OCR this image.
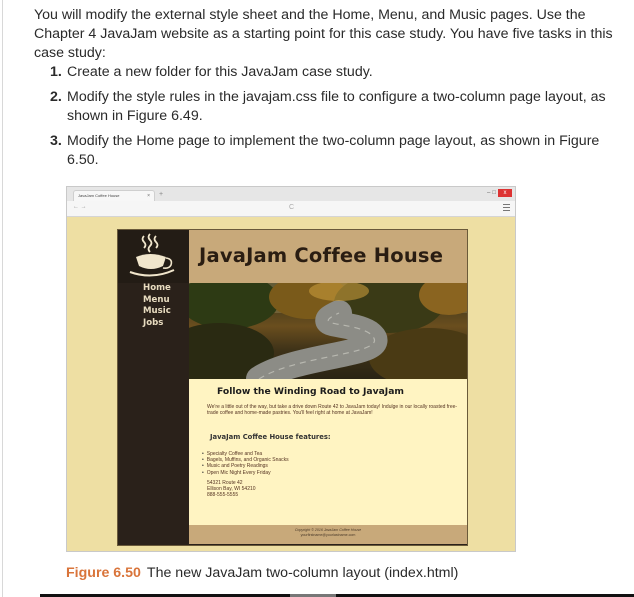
You will modify the external style sheet and the Home, Menu, and Music pages. Use the Chapter 4 JavaJam website as a starting point for this case study. You have five tasks in this case study:

1. Create a new folder for this JavaJam case study.
2. Modify the style rules in the javajam.css file to configure a two-column page layout, as shown in Figure 6.49.
3. Modify the Home page to implement the two-column page layout, as shown in Figure 6.50.
JavaJam Coffee House	× +	– □	x
← →	C
JavaJam Coffee House
Home
Menu
Music
Jobs
Follow the Winding Road to JavaJam
We're a little out of the way, but take a drive down Route 42 to JavaJam today! Indulge in our locally roasted free-trade coffee and home-made pastries. You'll feel right at home at JavaJam!
JavaJam Coffee House features:
• Specialty Coffee and Tea
• Bagels, Muffins, and Organic Snacks
• Music and Poetry Readings
• Open Mic Night Every Friday
54321 Route 42
Ellison Bay, WI 54210
888-555-5555
Copyright © 2016 JavaJam Coffee House
yourfirstname@yourlastname.com
Figure 6.50 The new JavaJam two-column layout (index.html)
